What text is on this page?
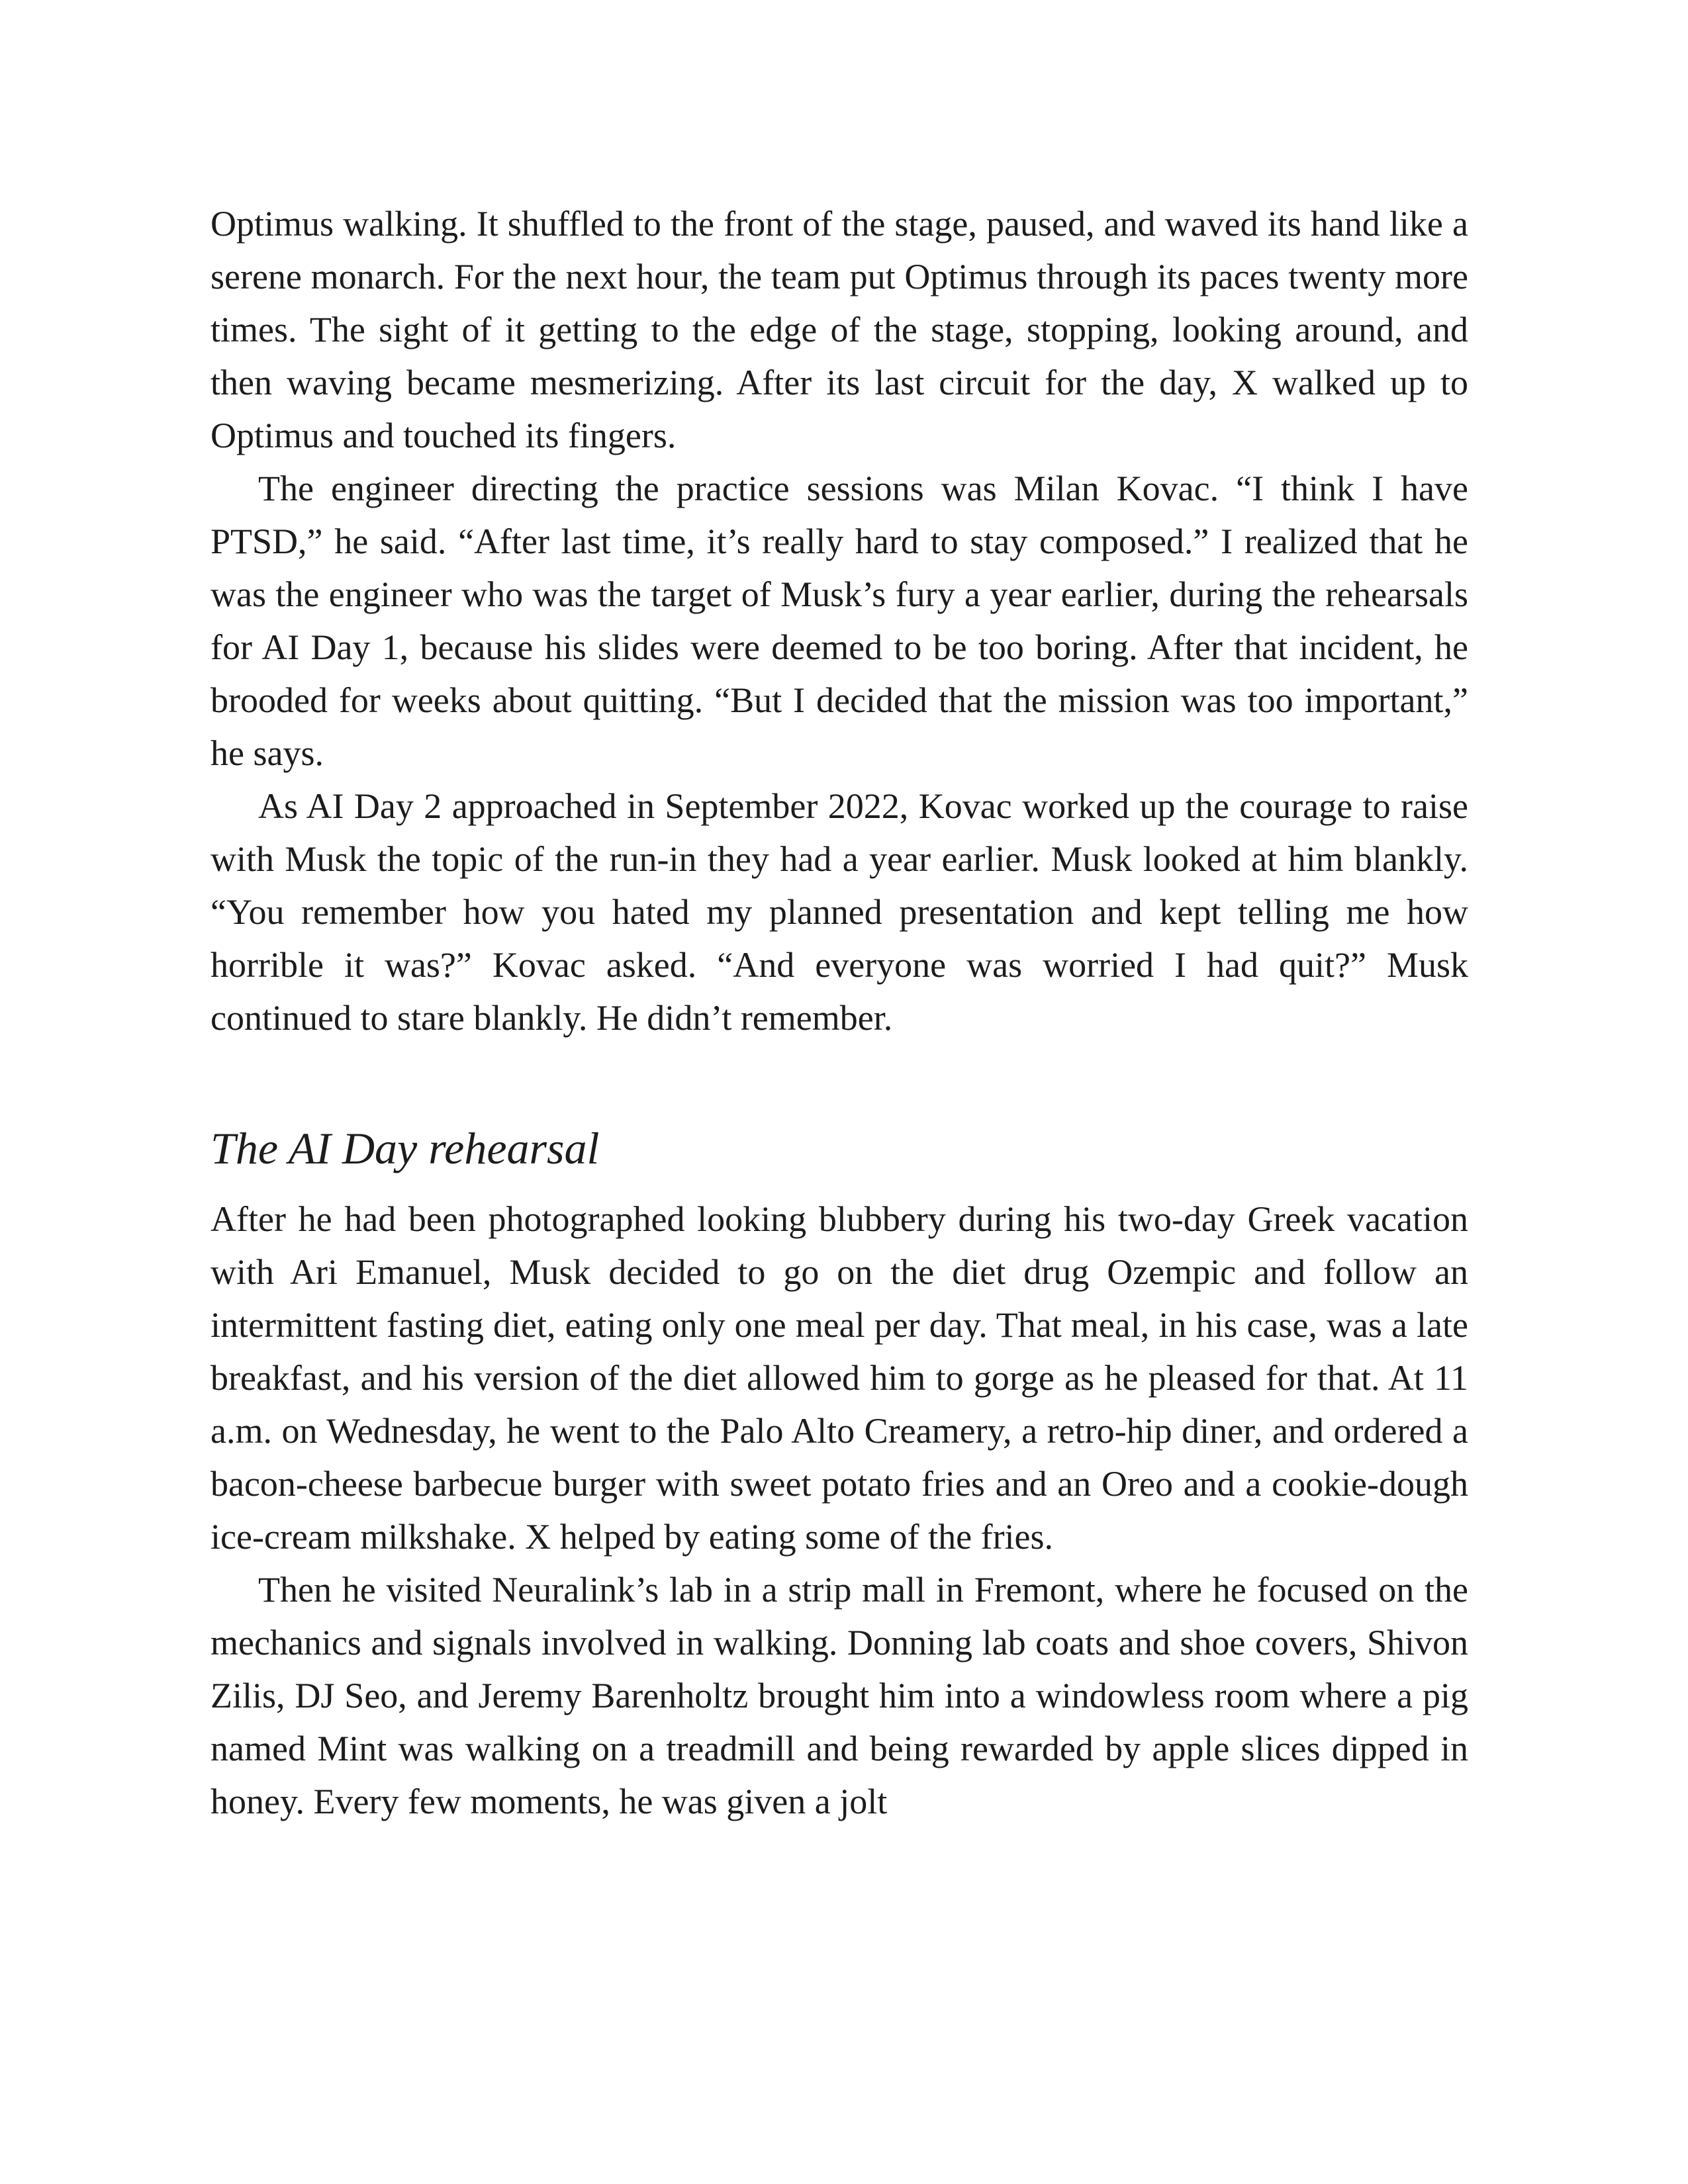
Optimus walking. It shuffled to the front of the stage, paused, and waved its hand like a serene monarch. For the next hour, the team put Optimus through its paces twenty more times. The sight of it getting to the edge of the stage, stopping, looking around, and then waving became mesmerizing. After its last circuit for the day, X walked up to Optimus and touched its fingers.

The engineer directing the practice sessions was Milan Kovac. “I think I have PTSD,” he said. “After last time, it’s really hard to stay composed.” I realized that he was the engineer who was the target of Musk’s fury a year earlier, during the rehearsals for AI Day 1, because his slides were deemed to be too boring. After that incident, he brooded for weeks about quitting. “But I decided that the mission was too important,” he says.

As AI Day 2 approached in September 2022, Kovac worked up the courage to raise with Musk the topic of the run-in they had a year earlier. Musk looked at him blankly. “You remember how you hated my planned presentation and kept telling me how horrible it was?” Kovac asked. “And everyone was worried I had quit?” Musk continued to stare blankly. He didn’t remember.

The AI Day rehearsal

After he had been photographed looking blubbery during his two-day Greek vacation with Ari Emanuel, Musk decided to go on the diet drug Ozempic and follow an intermittent fasting diet, eating only one meal per day. That meal, in his case, was a late breakfast, and his version of the diet allowed him to gorge as he pleased for that. At 11 a.m. on Wednesday, he went to the Palo Alto Creamery, a retro-hip diner, and ordered a bacon-cheese barbecue burger with sweet potato fries and an Oreo and a cookie-dough ice-cream milkshake. X helped by eating some of the fries.

Then he visited Neuralink’s lab in a strip mall in Fremont, where he focused on the mechanics and signals involved in walking. Donning lab coats and shoe covers, Shivon Zilis, DJ Seo, and Jeremy Barenholtz brought him into a windowless room where a pig named Mint was walking on a treadmill and being rewarded by apple slices dipped in honey. Every few moments, he was given a jolt
